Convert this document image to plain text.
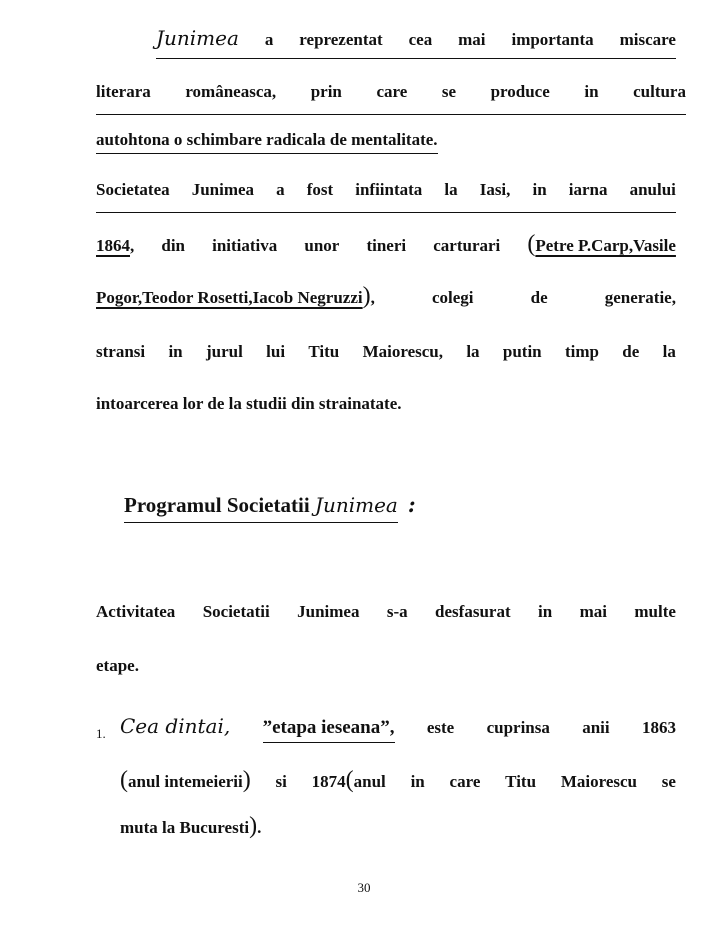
Junimea a reprezentat cea mai importanta miscare
literara româneasca, prin care se produce in cultura
autohtona o schimbare radicala de mentalitate.
Societatea Junimea a fost infiintata la Iasi, in iarna anului
1864, din initiativa unor tineri carturari (Petre P.Carp,Vasile
Pogor,Teodor Rosetti,Iacob Negruzzi),	colegi	de	generatie,
stransi in jurul lui Titu Maiorescu, la putin timp de la
intoarcerea lor de la studii din strainatate.
Programul Societatii Junimea :
Activitatea Societatii Junimea s-a desfasurat in mai multe
etape.
1. Cea dintai, ”etapa ieseana”, este cuprinsa anii 1863
(anul intemeierii) si 1874(anul in care Titu Maiorescu se
muta la Bucuresti).
30
